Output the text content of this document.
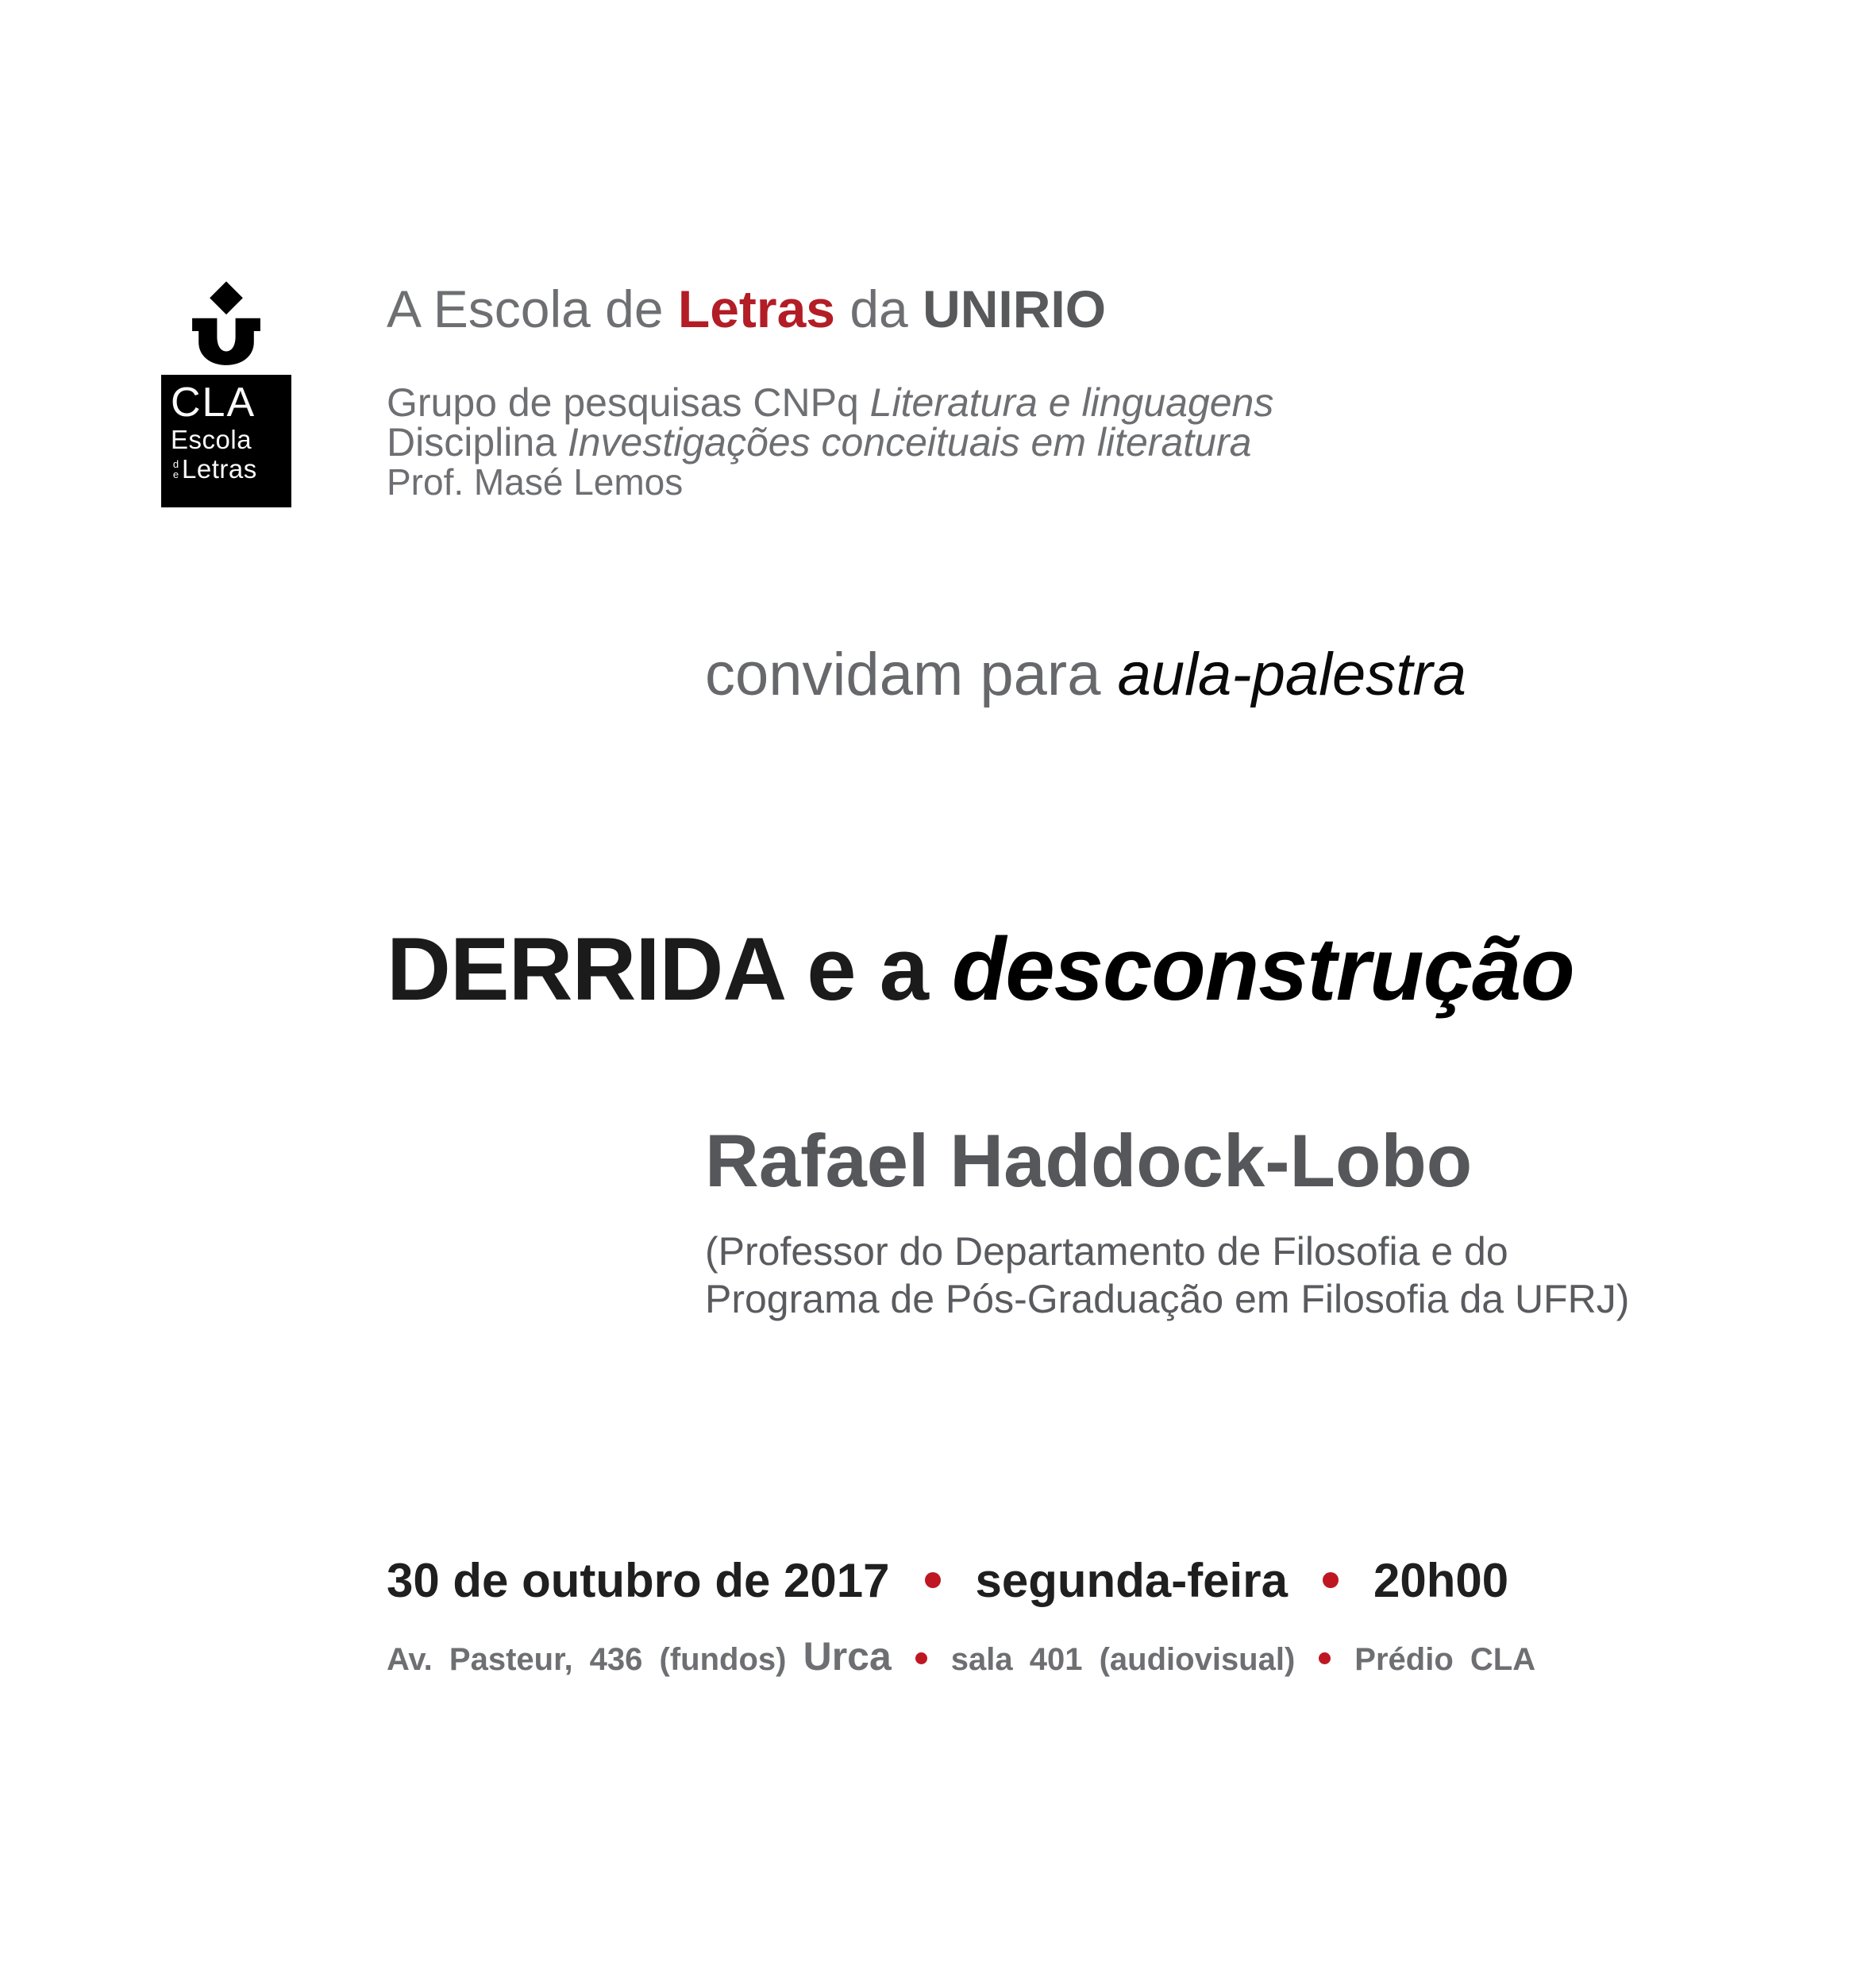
CLA
Escola
de Letras
A Escola de Letras da UNIRIO
Grupo de pesquisas CNPq Literatura e linguagens
Disciplina Investigações conceituais em literatura
Prof. Masé Lemos
convidam para aula-palestra
DERRIDA e a desconstrução
Rafael Haddock-Lobo
(Professor do Departamento de Filosofia e do
Programa de Pós-Graduação em Filosofia da UFRJ)
30 de outubro de 2017 segunda-feira 20h00
Av. Pasteur, 436 (fundos) Urca sala 401 (audiovisual) Prédio CLA
